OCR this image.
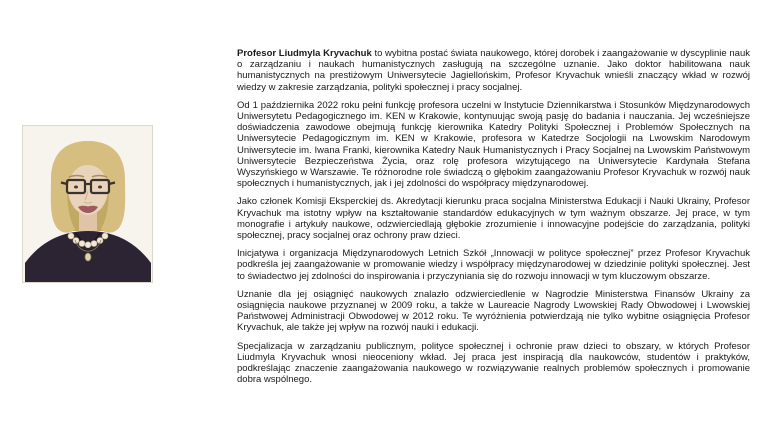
Profesor Liudmyla Kryvachuk to wybitna postać świata naukowego, której dorobek i zaangażowanie w dyscyplinie nauk o zarządzaniu i naukach humanistycznych zasługują na szczególne uznanie. Jako doktor habilitowana nauk humanistycznych na prestiżowym Uniwersytecie Jagiellońskim, Profesor Kryvachuk wnieśli znaczący wkład w rozwój wiedzy w zakresie zarządzania, polityki społecznej i pracy socjalnej.

Od 1 października 2022 roku pełni funkcję profesora uczelni w Instytucie Dziennikarstwa i Stosunków Międzynarodowych Uniwersytetu Pedagogicznego im. KEN w Krakowie, kontynuując swoją pasję do badania i nauczania. Jej wcześniejsze doświadczenia zawodowe obejmują funkcję kierownika Katedry Polityki Społecznej i Problemów Społecznych na Uniwersytecie Pedagogicznym im. KEN w Krakowie, profesora w Katedrze Socjologii na Lwowskim Narodowym Uniwersytecie im. Iwana Franki, kierownika Katedry Nauk Humanistycznych i Pracy Socjalnej na Lwowskim Państwowym Uniwersytecie Bezpieczeństwa Życia, oraz rolę profesora wizytującego na Uniwersytecie Kardynała Stefana Wyszyńskiego w Warszawie. Te różnorodne role świadczą o głębokim zaangażowaniu Profesor Kryvachuk w rozwój nauk społecznych i humanistycznych, jak i jej zdolności do współpracy międzynarodowej.

Jako członek Komisji Eksperckiej ds. Akredytacji kierunku praca socjalna Ministerstwa Edukacji i Nauki Ukrainy, Profesor Kryvachuk ma istotny wpływ na kształtowanie standardów edukacyjnych w tym ważnym obszarze. Jej prace, w tym monografie i artykuły naukowe, odzwierciedlają głębokie zrozumienie i innowacyjne podejście do zarządzania, polityki społecznej, pracy socjalnej oraz ochrony praw dzieci.

Inicjatywa i organizacja Międzynarodowych Letnich Szkół „Innowacji w polityce społecznej” przez Profesor Kryvachuk podkreśla jej zaangażowanie w promowanie wiedzy i współpracy międzynarodowej w dziedzinie polityki społecznej. Jest to świadectwo jej zdolności do inspirowania i przyczyniania się do rozwoju innowacji w tym kluczowym obszarze.

Uznanie dla jej osiągnięć naukowych znalazło odzwierciedlenie w Nagrodzie Ministerstwa Finansów Ukrainy za osiągnięcia naukowe przyznanej w 2009 roku, a także w Laureacie Nagrody Lwowskiej Rady Obwodowej i Lwowskiej Państwowej Administracji Obwodowej w 2012 roku. Te wyróżnienia potwierdzają nie tylko wybitne osiągnięcia Profesor Kryvachuk, ale także jej wpływ na rozwój nauki i edukacji.

Specjalizacja w zarządzaniu publicznym, polityce społecznej i ochronie praw dzieci to obszary, w których Profesor Liudmyla Kryvachuk wnosi nieoceniony wkład. Jej praca jest inspiracją dla naukowców, studentów i praktyków, podkreślając znaczenie zaangażowania naukowego w rozwiązywanie realnych problemów społecznych i promowanie dobra wspólnego.
